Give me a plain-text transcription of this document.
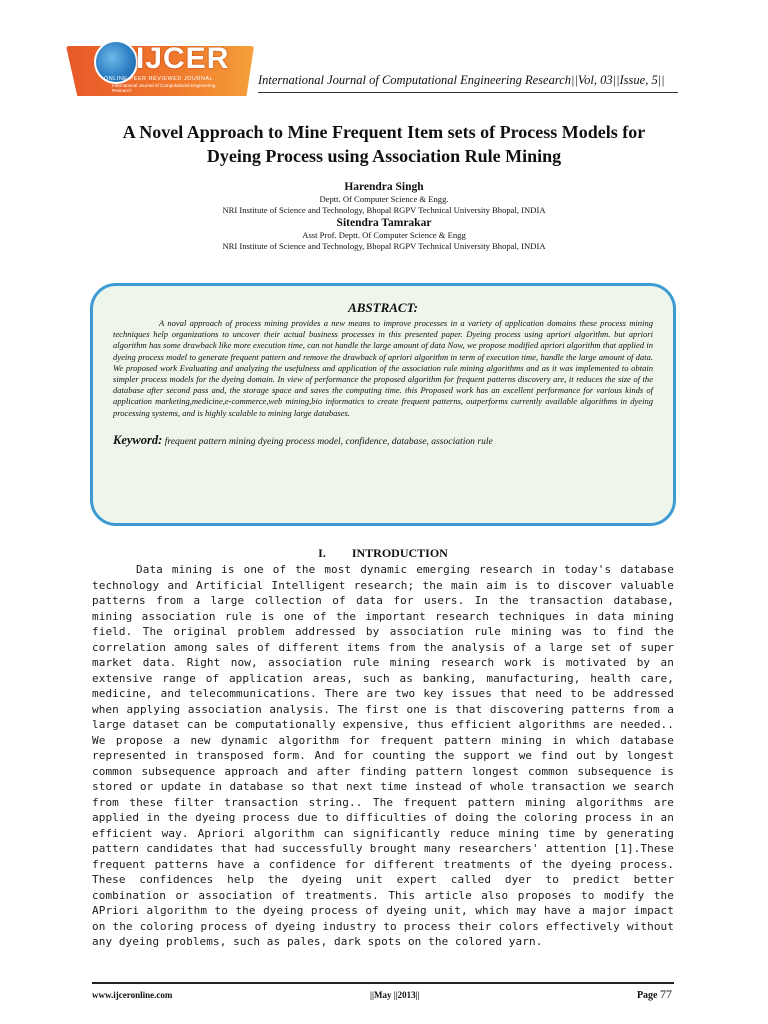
IJCER
ONLINE PEER REVIEWED JOURNAL
International Journal of Computational Engineering Research
International Journal of Computational Engineering Research||Vol, 03||Issue, 5||
A Novel Approach to Mine Frequent Item sets of Process Models for Dyeing Process using Association Rule Mining
Harendra Singh
Deptt. Of Computer Science & Engg.
NRI Institute of Science and Technology, Bhopal RGPV Technical University Bhopal, INDIA
Sitendra Tamrakar
Asst Prof. Deptt. Of Computer Science & Engg
NRI Institute of Science and Technology, Bhopal RGPV Technical University Bhopal, INDIA
ABSTRACT:

A noval approach of process mining provides a new means to improve processes in a variety of application domains these process mining techniques help organizations to uncover their actual business processes in this presented paper. Dyeing process using apriori algorithm. but apriori algorithm has some drawback like more execution time, can not handle the large amount of data Now, we propose modified apriori algorithm that applied in dyeing process model to generate frequent pattern and remove the drawback of apriori algorithm in term of execution time, handle the large amount of data. We proposed work Evaluating and analyzing the usefulness and application of the association rule mining algorithms and as it was implemented to obtain simpler process models for the dyeing domain. In view of performance the proposed algorithm for frequent patterns discovery are, it reduces the size of the database after second pass and, the storage space and saves the computing time. this Proposed work has an excellent performance for various kinds of application marketing,medicine,e-commerce,web mining,bio informatics to create frequent patterns, outperforms currently available algorithms in dyeing processing systems, and is highly scalable to mining large databases.

Keyword: frequent pattern mining dyeing process model, confidence, database, association rule
I. INTRODUCTION

Data mining is one of the most dynamic emerging research in today's database technology and Artificial Intelligent research; the main aim is to discover valuable patterns from a large collection of data for users. In the transaction database, mining association rule is one of the important research techniques in data mining field. The original problem addressed by association rule mining was to find the correlation among sales of different items from the analysis of a large set of super market data. Right now, association rule mining research work is motivated by an extensive range of application areas, such as banking, manufacturing, health care, medicine, and telecommunications. There are two key issues that need to be addressed when applying association analysis. The first one is that discovering patterns from a large dataset can be computationally expensive, thus efficient algorithms are needed.. We propose a new dynamic algorithm for frequent pattern mining in which database represented in transposed form. And for counting the support we find out by longest common subsequence approach and after finding pattern longest common subsequence is stored or update in database so that next time instead of whole transaction we search from these filter transaction string.. The frequent pattern mining algorithms are applied in the dyeing process due to difficulties of doing the coloring process in an efficient way. Apriori algorithm can significantly reduce mining time by generating pattern candidates that had successfully brought many researchers' attention [1].These frequent patterns have a confidence for different treatments of the dyeing process. These confidences help the dyeing unit expert called dyer to predict better combination or association of treatments. This article also proposes to modify the APriori algorithm to the dyeing process of dyeing unit, which may have a major impact on the coloring process of dyeing industry to process their colors effectively without any dyeing problems, such as pales, dark spots on the colored yarn.

www.ijceronline.com	||May ||2013||	Page 77
